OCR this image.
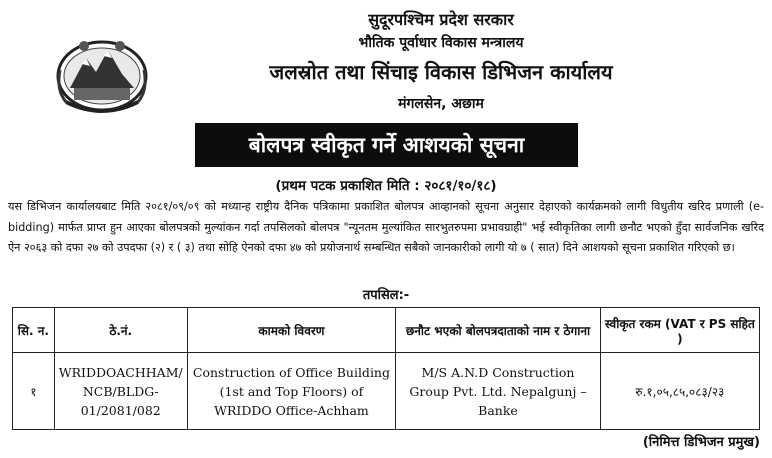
सुदूरपश्चिम प्रदेश सरकार
भौतिक पूर्वाधार विकास मन्त्रालय
जलस्रोत तथा सिंचाइ विकास डिभिजन कार्यालय
मंगलसेन, अछाम
बोलपत्र स्वीकृत गर्ने आशयको सूचना
(प्रथम पटक प्रकाशित मिति : २०८१/१०/१८)
यस डिभिजन कार्यालयबाट मिति २०८१/०९/०९ को मध्यान्ह राष्ट्रीय दैनिक पत्रिकामा प्रकाशित बोलपत्र आव्हानको सूचना अनुसार देहाएको कार्यक्रमको लागी विधुतीय खरिद प्रणाली (e-bidding) मार्फत प्राप्त हुन आएका बोलपत्रको मुल्यांकन गर्दा तपसिलको बोलपत्र "न्यूनतम मुल्यांकित सारभुतरुपमा प्रभावग्राही" भई स्वीकृतिका लागी छनौट भएको हुँदा सार्वजनिक खरिद ऐन २०६३ को दफा २७ को उपदफा (२) र ( ३) तथा सोहि ऐनको दफा ४७ को प्रयोजनार्थ सम्बन्धित सबैको जानकारीको लागी यो ७ ( सात) दिने आशयको सूचना प्रकाशित गरिएको छ।
तपसिल:-
सि. न.	ठे.नं.	कामको विवरण	छनौट भएको बोलपत्रदाताको नाम र ठेगाना	स्वीकृत रकम (VAT र PS सहित )
१	WRIDDOACHHAM/ NCB/BLDG- 01/2081/082	Construction of Office Building (1st and Top Floors) of WRIDDO Office-Achham	M/S A.N.D Construction Group Pvt. Ltd. Nepalgunj –Banke	रु.१,०५,८५,०८३/२३
(निमित्त डिभिजन प्रमुख)
